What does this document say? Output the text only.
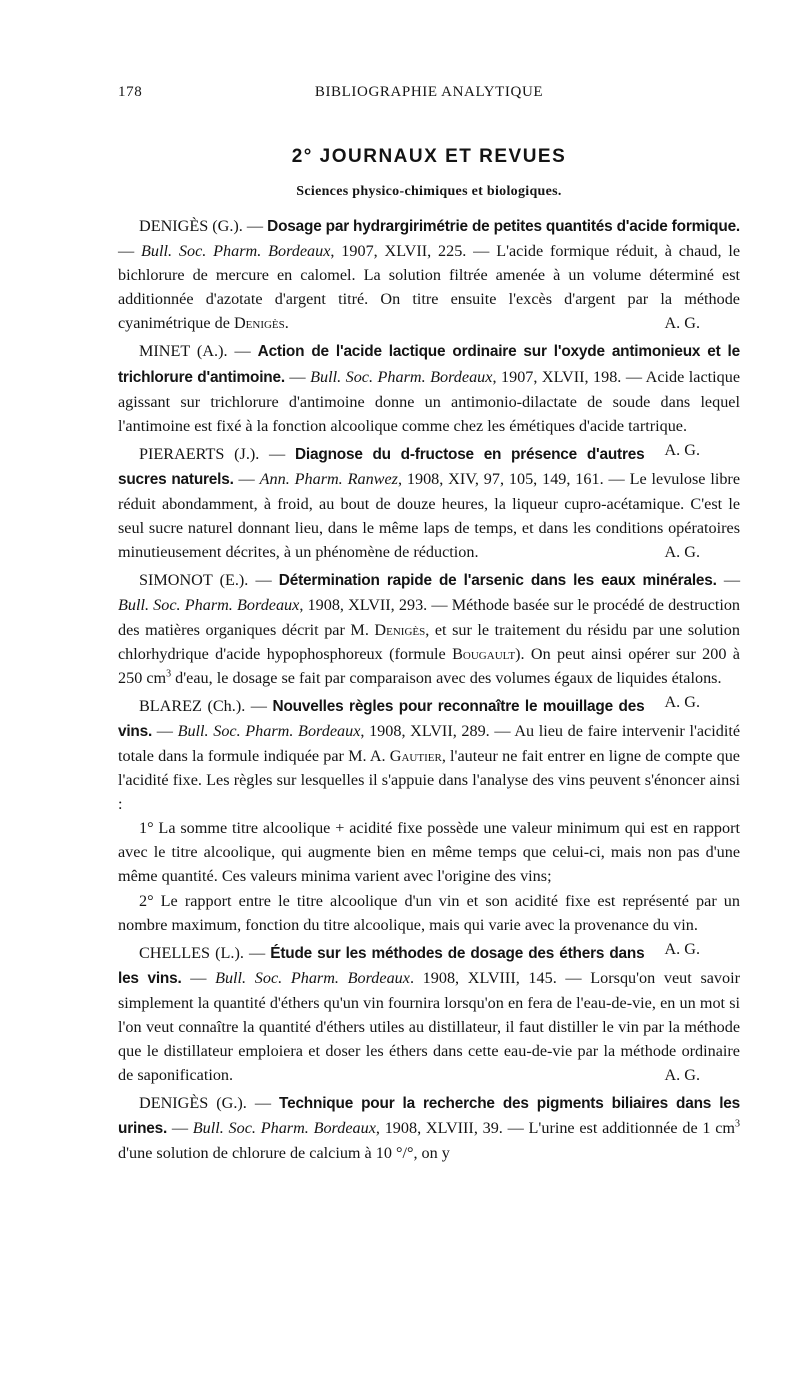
178	BIBLIOGRAPHIE ANALYTIQUE
2° JOURNAUX ET REVUES
Sciences physico-chimiques et biologiques.
DENIGÈS (G.). — Dosage par hydrargirimétrie de petites quantités d'acide formique. — Bull. Soc. Pharm. Bordeaux, 1907, XLVII, 225. — L'acide formique réduit, à chaud, le bichlorure de mercure en calomel. La solution filtrée amenée à un volume déterminé est additionnée d'azotate d'argent titré. On titre ensuite l'excès d'argent par la méthode cyanimétrique de Denigès.	A. G.
MINET (A.). — Action de l'acide lactique ordinaire sur l'oxyde antimonieux et le trichlorure d'antimoine. — Bull. Soc. Pharm. Bordeaux, 1907, XLVII, 198. — Acide lactique agissant sur trichlorure d'antimoine donne un antimonio-dilactate de soude dans lequel l'antimoine est fixé à la fonction alcoolique comme chez les émétiques d'acide tartrique.
A. G.
PIERAERTS (J.). — Diagnose du d-fructose en présence d'autres sucres naturels. — Ann. Pharm. Ranwez, 1908, XIV, 97, 105, 149, 161. — Le levulose libre réduit abondamment, à froid, au bout de douze heures, la liqueur cupro-acétamique. C'est le seul sucre naturel donnant lieu, dans le même laps de temps, et dans les conditions opératoires minutieusement décrites, à un phénomène de réduction.	A. G.
SIMONOT (E.). — Détermination rapide de l'arsenic dans les eaux minérales. — Bull. Soc. Pharm. Bordeaux, 1908, XLVII, 293. — Méthode basée sur le procédé de destruction des matières organiques décrit par M. Denigès, et sur le traitement du résidu par une solution chlorhydrique d'acide hypophosphoreux (formule Bougault). On peut ainsi opérer sur 200 à 250 $cm^3$ d'eau, le dosage se fait par comparaison avec des volumes égaux de liquides étalons.
A. G.
BLAREZ (Ch.). — Nouvelles règles pour reconnaître le mouillage des vins. — Bull. Soc. Pharm. Bordeaux, 1908, XLVII, 289. — Au lieu de faire intervenir l'acidité totale dans la formule indiquée par M. A. Gautier, l'auteur ne fait entrer en ligne de compte que l'acidité fixe. Les règles sur lesquelles il s'appuie dans l'analyse des vins peuvent s'énoncer ainsi :

1° La somme titre alcoolique + acidité fixe possède une valeur minimum qui est en rapport avec le titre alcoolique, qui augmente bien en même temps que celui-ci, mais non pas d'une même quantité. Ces valeurs minima varient avec l'origine des vins;

2° Le rapport entre le titre alcoolique d'un vin et son acidité fixe est représenté par un nombre maximum, fonction du titre alcoolique, mais qui varie avec la provenance du vin.
A. G.

CHELLES (L.). — Étude sur les méthodes de dosage des éthers dans les vins. — Bull. Soc. Pharm. Bordeaux. 1908, XLVIII, 145. — Lorsqu'on veut savoir simplement la quantité d'éthers qu'un vin fournira lorsqu'on en fera de l'eau-de-vie, en un mot si l'on veut connaître la quantité d'éthers utiles au distillateur, il faut distiller le vin par la méthode que le distillateur emploiera et doser les éthers dans cette eau-de-vie par la méthode ordinaire de saponification.	A. G.
DENIGÈS (G.). — Technique pour la recherche des pigments biliaires dans les urines. — Bull. Soc. Pharm. Bordeaux, 1908, XLVIII, 39. — L'urine est additionnée de 1 $cm^3$ d'une solution de chlorure de calcium à 10 °/°, on y
